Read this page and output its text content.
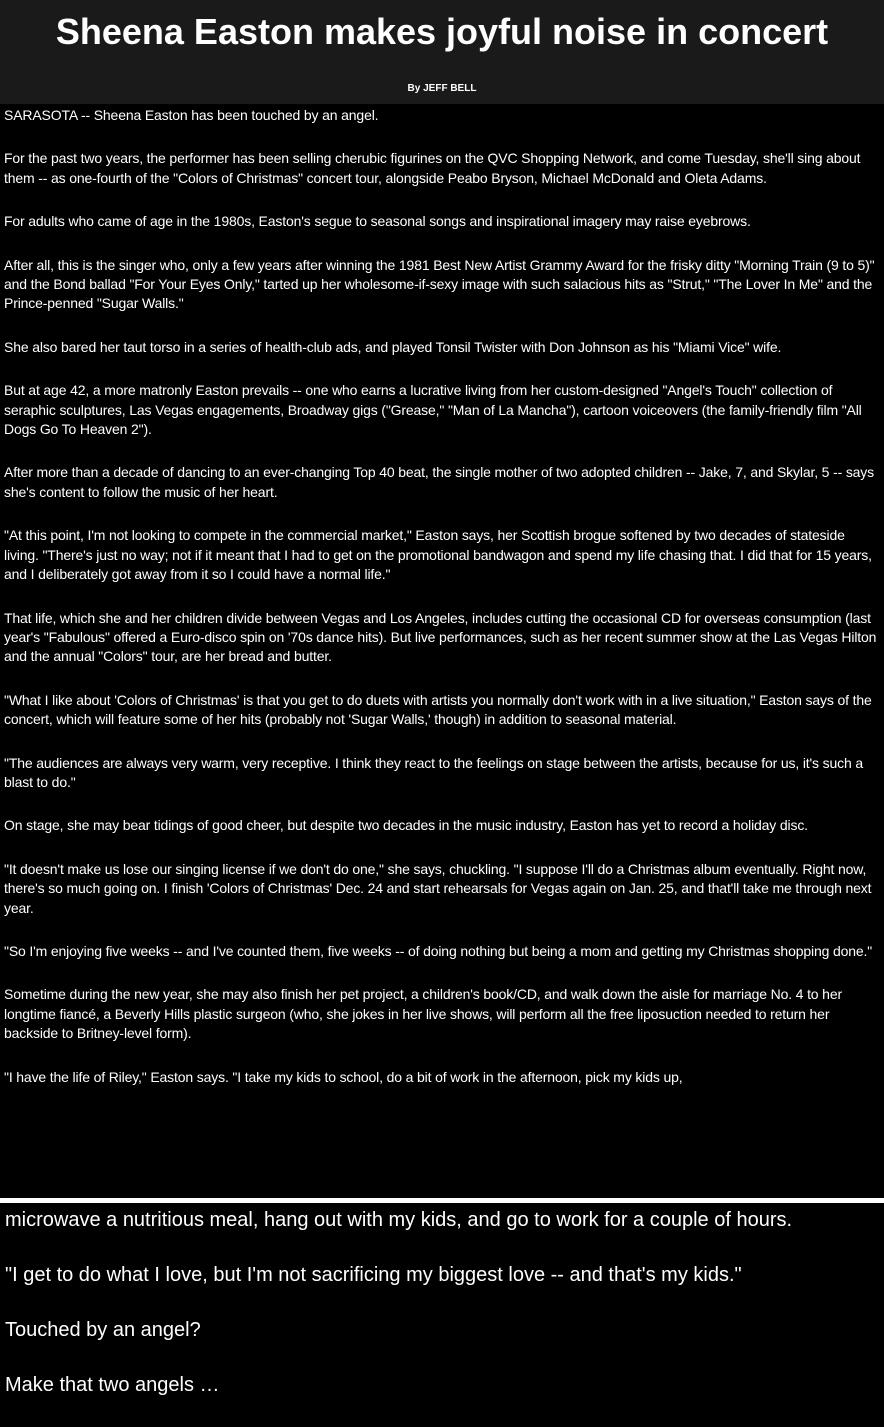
Sheena Easton makes joyful noise in concert
By JEFF BELL

SARASOTA -- Sheena Easton has been touched by an angel.

For the past two years, the performer has been selling cherubic figurines on the QVC Shopping Network, and come Tuesday, she'll sing about them -- as one-fourth of the "Colors of Christmas" concert tour, alongside Peabo Bryson, Michael McDonald and Oleta Adams.

For adults who came of age in the 1980s, Easton's segue to seasonal songs and inspirational imagery may raise eyebrows.

After all, this is the singer who, only a few years after winning the 1981 Best New Artist Grammy Award for the frisky ditty "Morning Train (9 to 5)" and the Bond ballad "For Your Eyes Only," tarted up her wholesome-if-sexy image with such salacious hits as "Strut," "The Lover In Me" and the Prince-penned "Sugar Walls."

She also bared her taut torso in a series of health-club ads, and played Tonsil Twister with Don Johnson as his "Miami Vice" wife.

But at age 42, a more matronly Easton prevails -- one who earns a lucrative living from her custom-designed "Angel's Touch" collection of seraphic sculptures, Las Vegas engagements, Broadway gigs ("Grease," "Man of La Mancha"), cartoon voiceovers (the family-friendly film "All Dogs Go To Heaven 2").

After more than a decade of dancing to an ever-changing Top 40 beat, the single mother of two adopted children -- Jake, 7, and Skylar, 5 -- says she's content to follow the music of her heart.

"At this point, I'm not looking to compete in the commercial market," Easton says, her Scottish brogue softened by two decades of stateside living. "There's just no way; not if it meant that I had to get on the promotional bandwagon and spend my life chasing that. I did that for 15 years, and I deliberately got away from it so I could have a normal life."

That life, which she and her children divide between Vegas and Los Angeles, includes cutting the occasional CD for overseas consumption (last year's "Fabulous" offered a Euro-disco spin on '70s dance hits). But live performances, such as her recent summer show at the Las Vegas Hilton and the annual "Colors" tour, are her bread and butter.

"What I like about 'Colors of Christmas' is that you get to do duets with artists you normally don't work with in a live situation," Easton says of the concert, which will feature some of her hits (probably not 'Sugar Walls,' though) in addition to seasonal material.

"The audiences are always very warm, very receptive. I think they react to the feelings on stage between the artists, because for us, it's such a blast to do."

On stage, she may bear tidings of good cheer, but despite two decades in the music industry, Easton has yet to record a holiday disc.

"It doesn't make us lose our singing license if we don't do one," she says, chuckling. "I suppose I'll do a Christmas album eventually. Right now, there's so much going on. I finish 'Colors of Christmas' Dec. 24 and start rehearsals for Vegas again on Jan. 25, and that'll take me through next year.

"So I'm enjoying five weeks -- and I've counted them, five weeks -- of doing nothing but being a mom and getting my Christmas shopping done."

Sometime during the new year, she may also finish her pet project, a children's book/CD, and walk down the aisle for marriage No. 4 to her longtime fiancé, a Beverly Hills plastic surgeon (who, she jokes in her live shows, will perform all the free liposuction needed to return her backside to Britney-level form).

"I have the life of Riley," Easton says. "I take my kids to school, do a bit of work in the afternoon, pick my kids up,

microwave a nutritious meal, hang out with my kids, and go to work for a couple of hours.

"I get to do what I love, but I'm not sacrificing my biggest love -- and that's my kids."

Touched by an angel?

Make that two angels …
